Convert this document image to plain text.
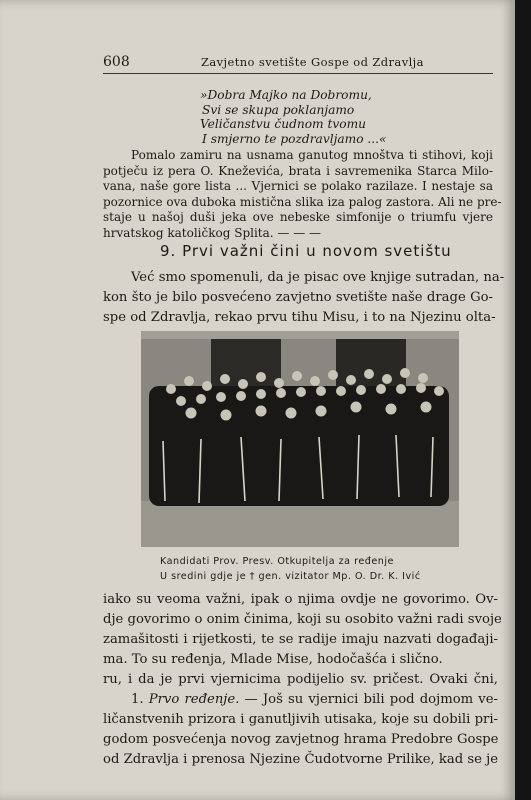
608	Zavjetno svetište Gospe od Zdravlja
»Dobra Majko na Dobromu,
Svi se skupa poklanjamo
Veličanstvu čudnom tvomu
I smjerno te pozdravljamo ...«
Pomalo zamiru na usnama ganutog mnoštva ti stihovi, koji
potječu iz pera O. Kneževića, brata i savremenika Starca Milo-
vana, naše gore lista ... Vjernici se polako razilaze. I nestaje sa
pozornice ova duboka mistična slika iza palog zastora. Ali ne pre-
staje u našoj duši jeka ove nebeske simfonije o triumfu vjere
hrvatskog katoličkog Splita. — — —
9. Prvi važni čini u novom svetištu
Već smo spomenuli, da je pisac ove knjige sutradan, na-
kon što je bilo posvećeno zavjetno svetište naše drage Go-
spe od Zdravlja, rekao prvu tihu Misu, i to na Njezinu olta-
Kandidati Prov. Presv. Otkupitelja za ređenje
U sredini gdje je † gen. vizitator Mp. O. Dr. K. Ivić
iako su veoma važni, ipak o njima ovdje ne govorimo. Ov-
dje govorimo o onim činima, koji su osobito važni radi svoje
zamašitosti i rijetkosti, te se radije imaju nazvati događaji-
ma. To su ređenja, Mlade Mise, hodočašća i slično.
ru, i da je prvi vjernicima podijelio sv. pričest. Ovaki čni,
1. Prvo ređenje. — Još su vjernici bili pod dojmom ve-
ličanstvenih prizora i ganutljivih utisaka, koje su dobili pri-
godom posvećenja novog zavjetnog hrama Predobre Gospe
od Zdravlja i prenosa Njezine Čudotvorne Prilike, kad se je
